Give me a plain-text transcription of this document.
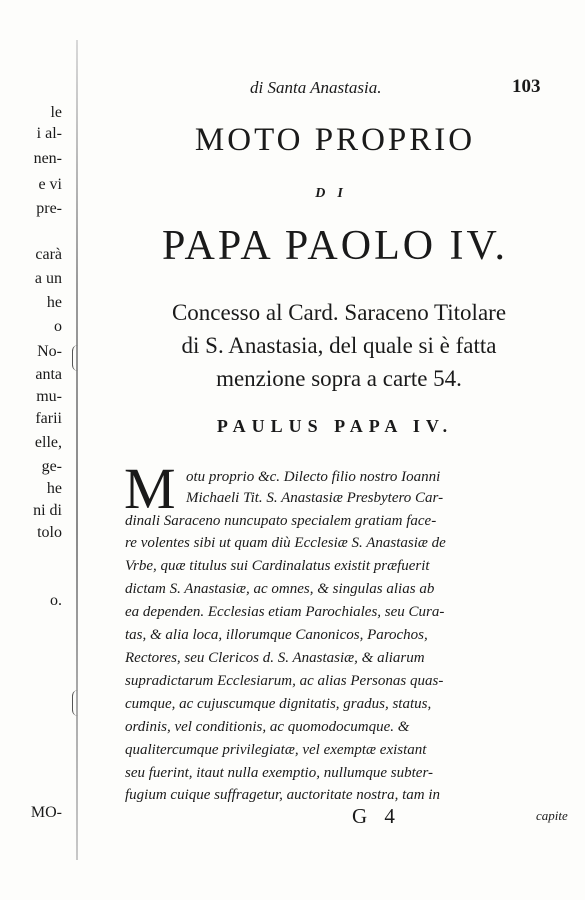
le
i al-
nen-
e vi
pre-
carà
a un
he
o
No-
anta
mu-
farii
elle,
ge-
he
ni di
tolo
o.
MO-
di Santa Anastasia.	103
MOTO PROPRIO
DI
PAPA PAOLO IV.
Concesso al Card. Saraceno Titolare
di S. Anastasia, del quale si è fatta
menzione sopra a carte 54.
PAULUS PAPA IV.
M otu proprio &c. Dilecto filio nostro Ioanni
Michaeli Tit. S. Anastasiæ Presbytero Car-
dinali Saraceno nuncupato specialem gratiam face-
re volentes sibi ut quam diù Ecclesiæ S. Anastasiæ de
Vrbe, quæ titulus sui Cardinalatus existit præfuerit
dictam S. Anastasiæ, ac omnes, & singulas alias ab
ea dependen. Ecclesias etiam Parochiales, seu Cura-
tas, & alia loca, illorumque Canonicos, Parochos,
Rectores, seu Clericos d. S. Anastasiæ, & aliarum
supradictarum Ecclesiarum, ac alias Personas quas-
cumque, ac cujuscumque dignitatis, gradus, status,
ordinis, vel conditionis, ac quomodocumque. &
qualitercumque privilegiatæ, vel exemptæ existant
seu fuerint, itaut nulla exemptio, nullumque subter-
fugium cuique suffragetur, auctoritate nostra, tam in
G 4	capite
